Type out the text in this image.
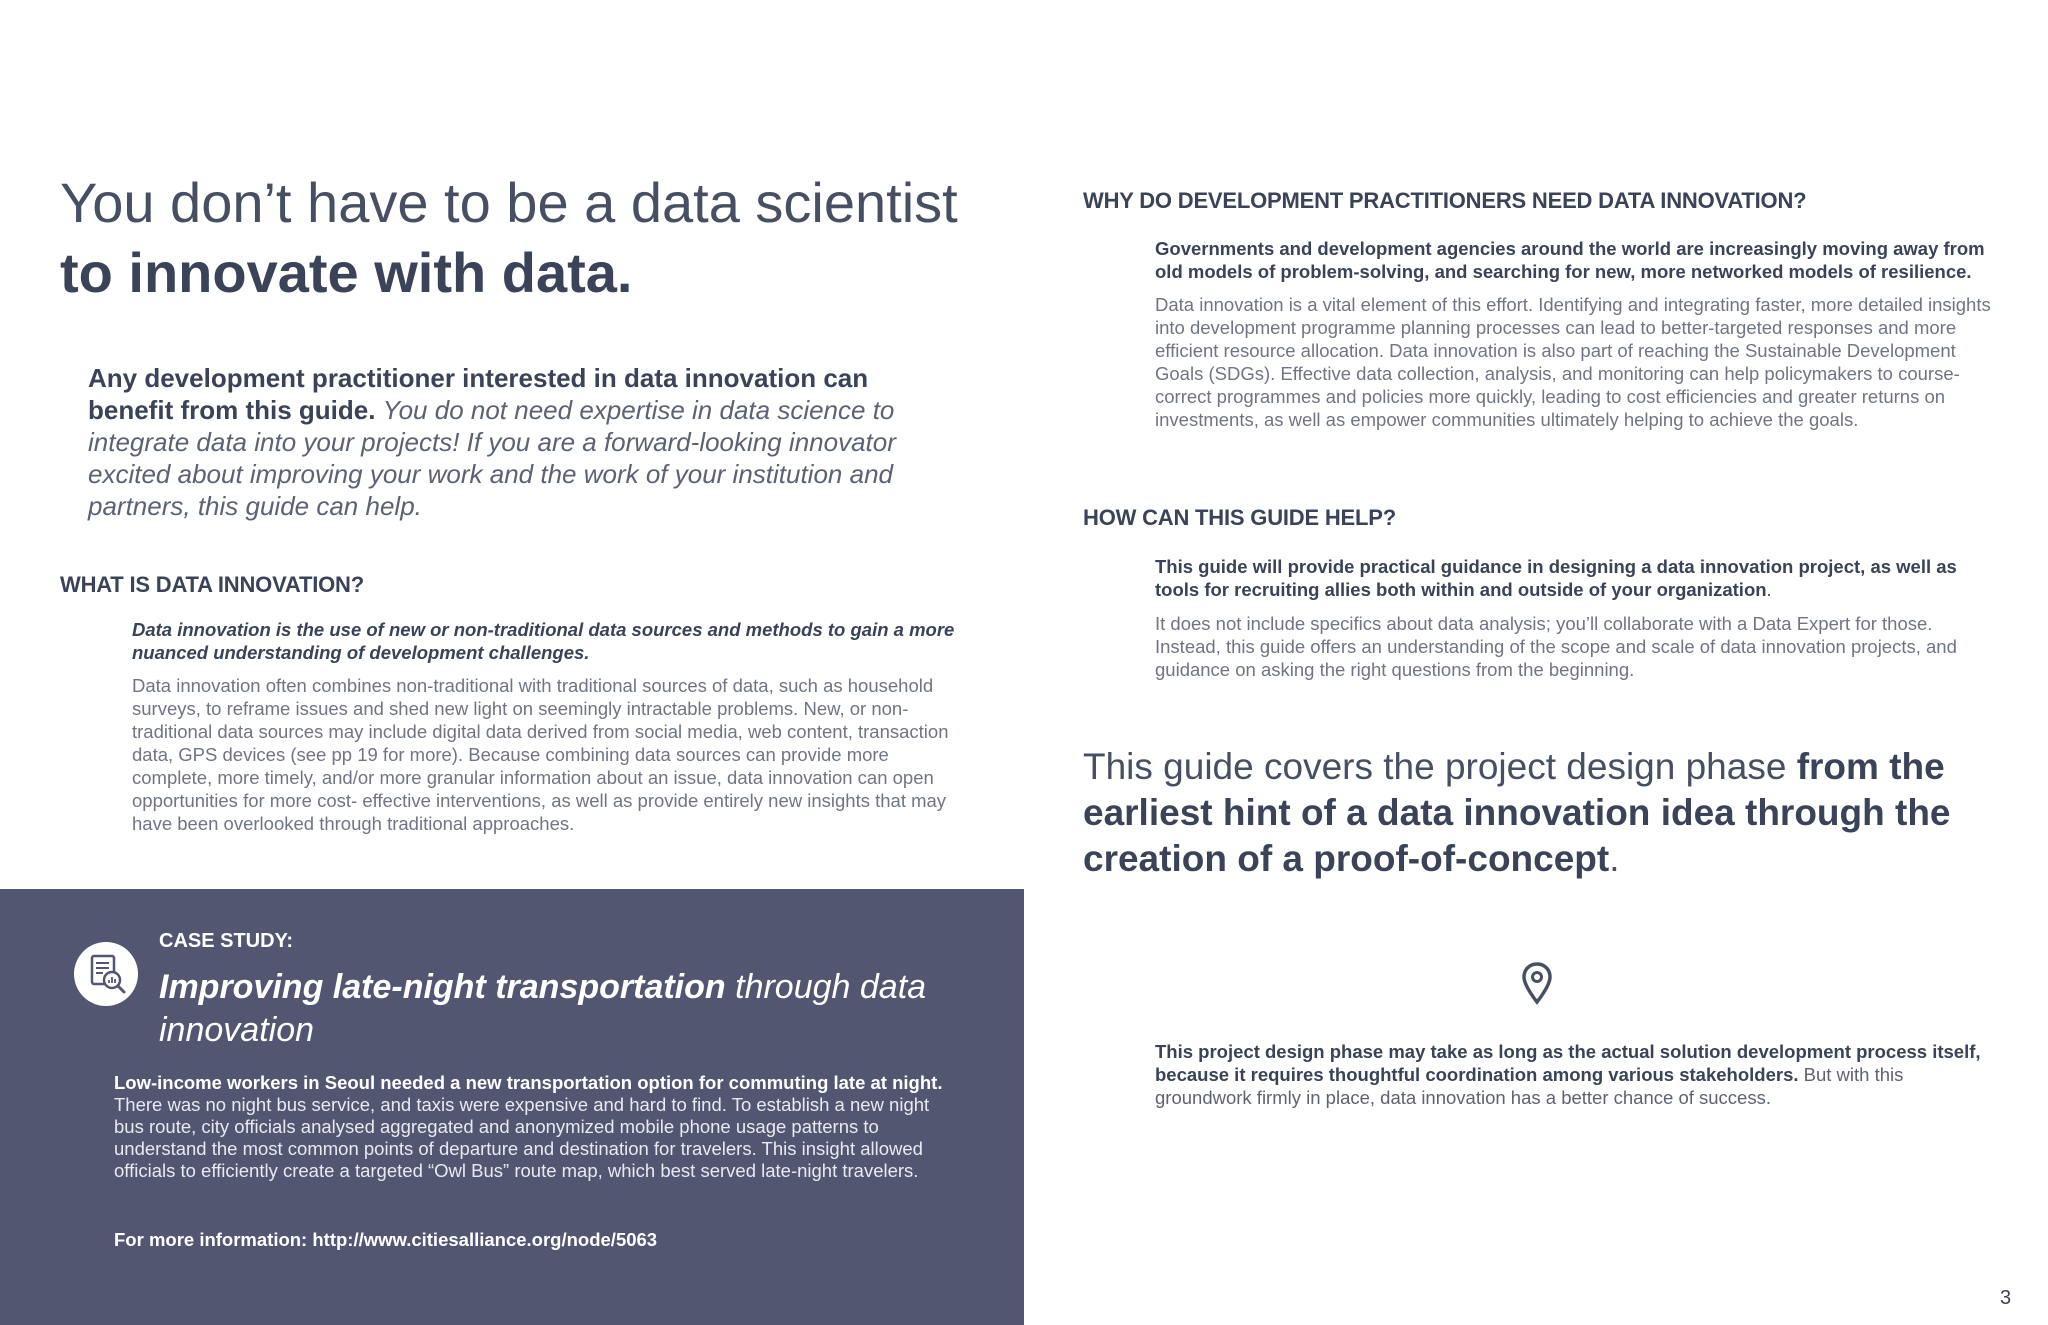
You don’t have to be a data scientist
to innovate with data.
Any development practitioner interested in data innovation can benefit from this guide. You do not need expertise in data science to integrate data into your projects! If you are a forward-looking innovator excited about improving your work and the work of your institution and partners, this guide can help.
WHAT IS DATA INNOVATION?
Data innovation is the use of new or non-traditional data sources and methods to gain a more nuanced understanding of development challenges.
Data innovation often combines non-traditional with traditional sources of data, such as household surveys, to reframe issues and shed new light on seemingly intractable problems. New, or non-traditional data sources may include digital data derived from social media, web content, transaction data, GPS devices (see pp 19 for more). Because combining data sources can provide more complete, more timely, and/or more granular information about an issue, data innovation can open opportunities for more cost- effective interventions, as well as provide entirely new insights that may have been overlooked through traditional approaches.
CASE STUDY:
Improving late-night transportation through data innovation
Low-income workers in Seoul needed a new transportation option for commuting late at night. There was no night bus service, and taxis were expensive and hard to find. To establish a new night bus route, city officials analysed aggregated and anonymized mobile phone usage patterns to understand the most common points of departure and destination for travelers. This insight allowed officials to efficiently create a targeted “Owl Bus” route map, which best served late-night travelers.
For more information: http://www.citiesalliance.org/node/5063
WHY DO DEVELOPMENT PRACTITIONERS NEED DATA INNOVATION?
Governments and development agencies around the world are increasingly moving away from old models of problem-solving, and searching for new, more networked models of resilience.
Data innovation is a vital element of this effort. Identifying and integrating faster, more detailed insights into development programme planning processes can lead to better-targeted responses and more efficient resource allocation. Data innovation is also part of reaching the Sustainable Development Goals (SDGs). Effective data collection, analysis, and monitoring can help policymakers to course-correct programmes and policies more quickly, leading to cost efficiencies and greater returns on investments, as well as empower communities ultimately helping to achieve the goals.
HOW CAN THIS GUIDE HELP?
This guide will provide practical guidance in designing a data innovation project, as well as tools for recruiting allies both within and outside of your organization.
It does not include specifics about data analysis; you’ll collaborate with a Data Expert for those. Instead, this guide offers an understanding of the scope and scale of data innovation projects, and guidance on asking the right questions from the beginning.
This guide covers the project design phase from the earliest hint of a data innovation idea through the creation of a proof-of-concept.
This project design phase may take as long as the actual solution development process itself, because it requires thoughtful coordination among various stakeholders. But with this groundwork firmly in place, data innovation has a better chance of success.
3
